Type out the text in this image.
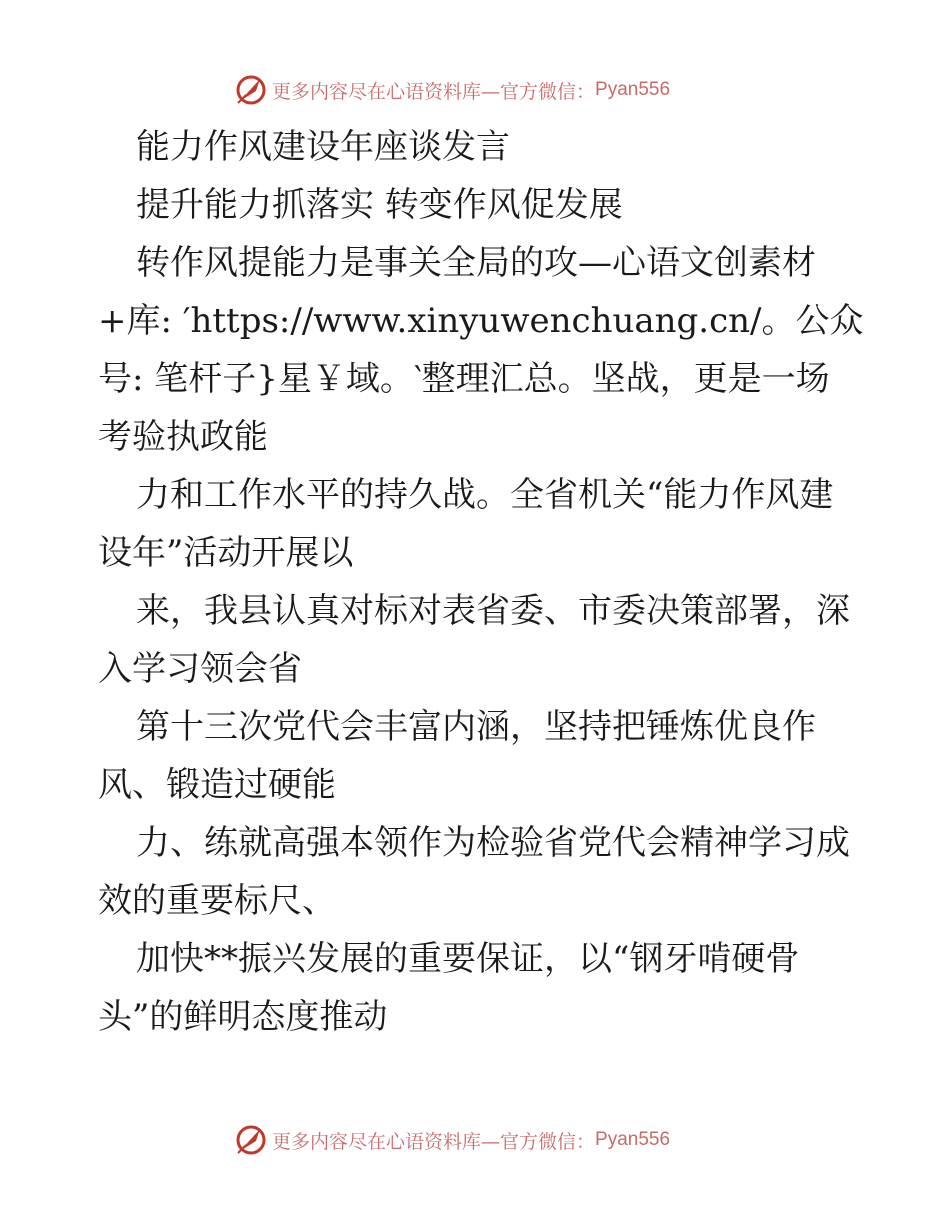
更多内容尽在心语资料库—官方微信： Pyan556

能力作风建设年座谈发言

提升能力抓落实 转变作风促发展

转作风提能力是事关全局的攻—心语文创素材

+库: ′https://www.xinyuwenchuang.cn/。公众

号: 笔杆子}星￥域。‵整理汇总。坚战，更是一场

考验执政能

力和工作水平的持久战。全省机关“能力作风建

设年”活动开展以

来，我县认真对标对表省委、市委决策部署，深

入学习领会省

第十三次党代会丰富内涵，坚持把锤炼优良作

风、锻造过硬能

力、练就高强本领作为检验省党代会精神学习成

效的重要标尺、

加快**振兴发展的重要保证，以“钢牙啃硬骨

头”的鲜明态度推动

更多内容尽在心语资料库—官方微信： Pyan556
